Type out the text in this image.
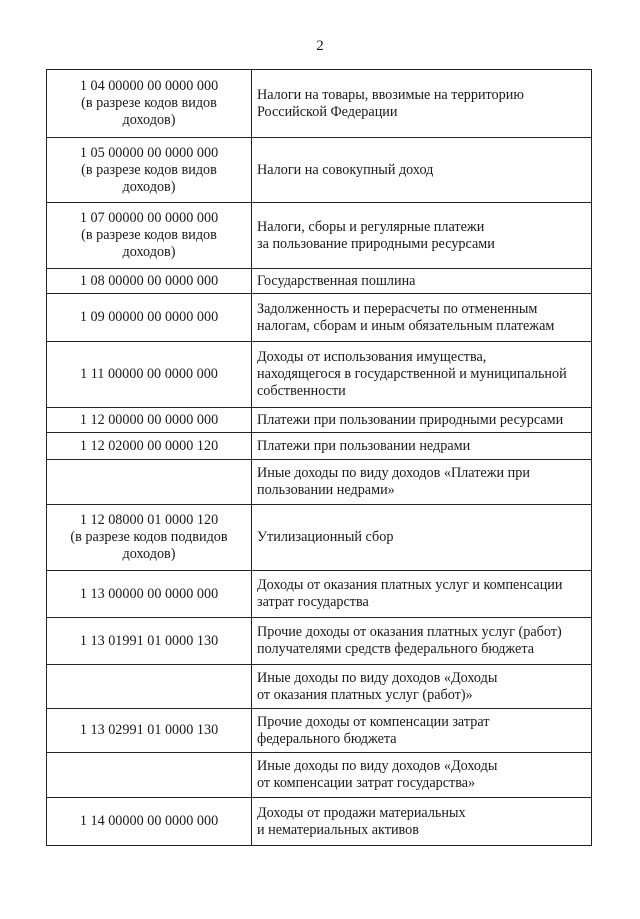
2
1 04 00000 00 0000 000
(в разрезе кодов видов
доходов)	Налоги на товары, ввозимые на территорию
Российской Федерации

1 05 00000 00 0000 000
(в разрезе кодов видов
доходов)	Налоги на совокупный доход

1 07 00000 00 0000 000
(в разрезе кодов видов
доходов)	Налоги, сборы и регулярные платежи
за пользование природными ресурсами

1 08 00000 00 0000 000	Государственная пошлина

1 09 00000 00 0000 000	Задолженность и перерасчеты по отмененным
налогам, сборам и иным обязательным платежам

1 11 00000 00 0000 000	Доходы от использования имущества,
находящегося в государственной и муниципальной
собственности

1 12 00000 00 0000 000	Платежи при пользовании природными ресурсами

1 12 02000 00 0000 120	Платежи при пользовании недрами

	Иные доходы по виду доходов «Платежи при
пользовании недрами»

1 12 08000 01 0000 120
(в разрезе кодов подвидов
доходов)	Утилизационный сбор

1 13 00000 00 0000 000	Доходы от оказания платных услуг и компенсации
затрат государства

1 13 01991 01 0000 130	Прочие доходы от оказания платных услуг (работ)
получателями средств федерального бюджета

	Иные доходы по виду доходов «Доходы
от оказания платных услуг (работ)»

1 13 02991 01 0000 130	Прочие доходы от компенсации затрат
федерального бюджета

	Иные доходы по виду доходов «Доходы
от компенсации затрат государства»

1 14 00000 00 0000 000	Доходы от продажи материальных
и нематериальных активов
